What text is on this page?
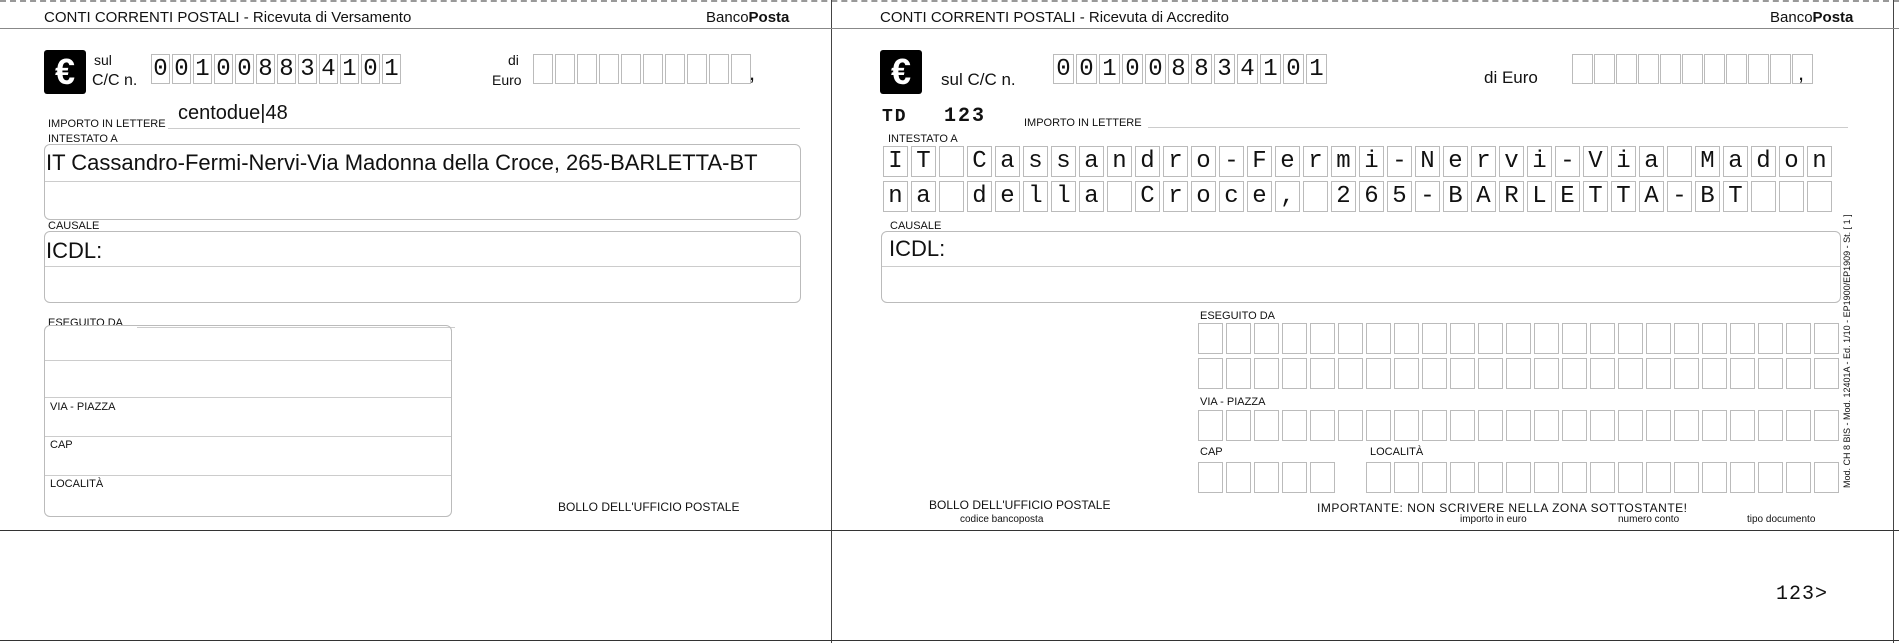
CONTI CORRENTI POSTALI - Ricevuta di Versamento	BancoPosta
€	sul
C/C n. 0 0 1 0 0 8 8 3 4 1 0 1	di
Euro	,
IMPORTO IN LETTERE centodue|48
INTESTATO A
IT Cassandro-Fermi-Nervi-Via Madonna della Croce, 265-BARLETTA-BT
CAUSALE
ICDL:
ESEGUITO DA
VIA - PIAZZA
CAP
LOCALITÀ
BOLLO DELL'UFFICIO POSTALE
CONTI CORRENTI POSTALI - Ricevuta di Accredito	BancoPosta
€	sul C/C n. 0 0 1 0 0 8 8 3 4 1 0 1	di Euro	,
TD 123	IMPORTO IN LETTERE
INTESTATO A
I T C a s s a n d r o - F e r m i - N e r v i - V i a M a d o n
n a d e l l a C r o c e , 2 6 5 - B A R L E T T A - B T
CAUSALE
ICDL:	Mod. CH 8 BIS - Mod. 12401A - Ed. 1/10 - EP1900/EP1909 - St. [ 1 ]
ESEGUITO DA
VIA - PIAZZA
CAP	LOCALITÀ
BOLLO DELL'UFFICIO POSTALE
codice bancoposta
IMPORTANTE: NON SCRIVERE NELLA ZONA SOTTOSTANTE!
importo in euro	numero conto	tipo documento
123>
